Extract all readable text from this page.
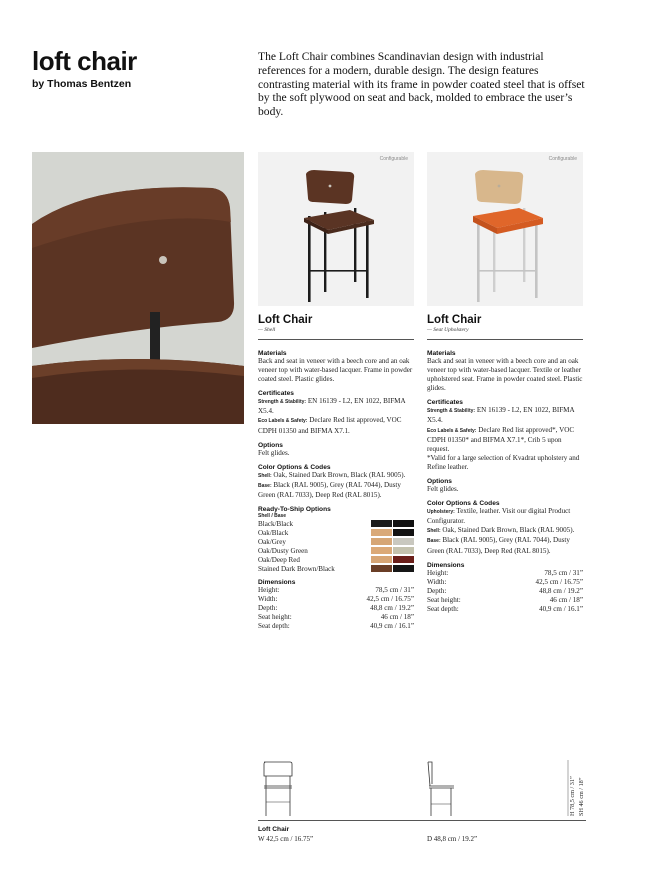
loft chair
by Thomas Bentzen
The Loft Chair combines Scandinavian design with industrial references for a modern, durable design. The design features contrasting material with its frame in powder coated steel that is offset by the soft plywood on seat and back, molded to embrace the user’s body.
Configurable	Configurable
Loft Chair
— Shell
Materials
Back and seat in veneer with a beech core and an oak veneer top with water-based lacquer. Frame in powder coated steel. Plastic glides.
Certificates
Strength & Stability: EN 16139 - L2, EN 1022, BIFMA X5.4.
Eco Labels & Safety: Declare Red list approved, VOC CDPH 01350 and BIFMA X7.1.
Options
Felt glides.
Color Options & Codes
Shell: Oak, Stained Dark Brown, Black (RAL 9005).
Base: Black (RAL 9005), Grey (RAL 7044), Dusty Green (RAL 7033), Deep Red (RAL 8015).
Ready-To-Ship Options
Shell / Base
Black/Black
Oak/Black
Oak/Grey
Oak/Dusty Green
Oak/Deep Red
Stained Dark Brown/Black
Dimensions
Height:	78,5 cm / 31”
Width:	42,5 cm / 16.75”
Depth:	48,8 cm / 19.2”
Seat height:	46 cm / 18”
Seat depth:	40,9 cm / 16.1”
Loft Chair
— Seat Upholstery
Materials
Back and seat in veneer with a beech core and an oak veneer top with water-based lacquer. Textile or leather upholstered seat. Frame in powder coated steel. Plastic glides.
Certificates
Strength & Stability: EN 16139 - L2, EN 1022, BIFMA X5.4.
Eco Labels & Safety: Declare Red list approved*, VOC CDPH 01350* and BIFMA X7.1*, Crib 5 upon request.
*Valid for a large selection of Kvadrat upholstery and Refine leather.
Options
Felt glides.
Color Options & Codes
Upholstery: Textile, leather. Visit our digital Product Configurator.
Shell: Oak, Stained Dark Brown, Black (RAL 9005).
Base: Black (RAL 9005), Grey (RAL 7044), Dusty Green (RAL 7033), Deep Red (RAL 8015).
Dimensions
Height:	78,5 cm / 31”
Width:	42,5 cm / 16.75”
Depth:	48,8 cm / 19.2”
Seat height:	46 cm / 18”
Seat depth:	40,9 cm / 16.1”
H 78,5 cm / 31” SH 46 cm / 18”
Loft Chair
W 42,5 cm / 16.75”	D 48,8 cm / 19.2”
